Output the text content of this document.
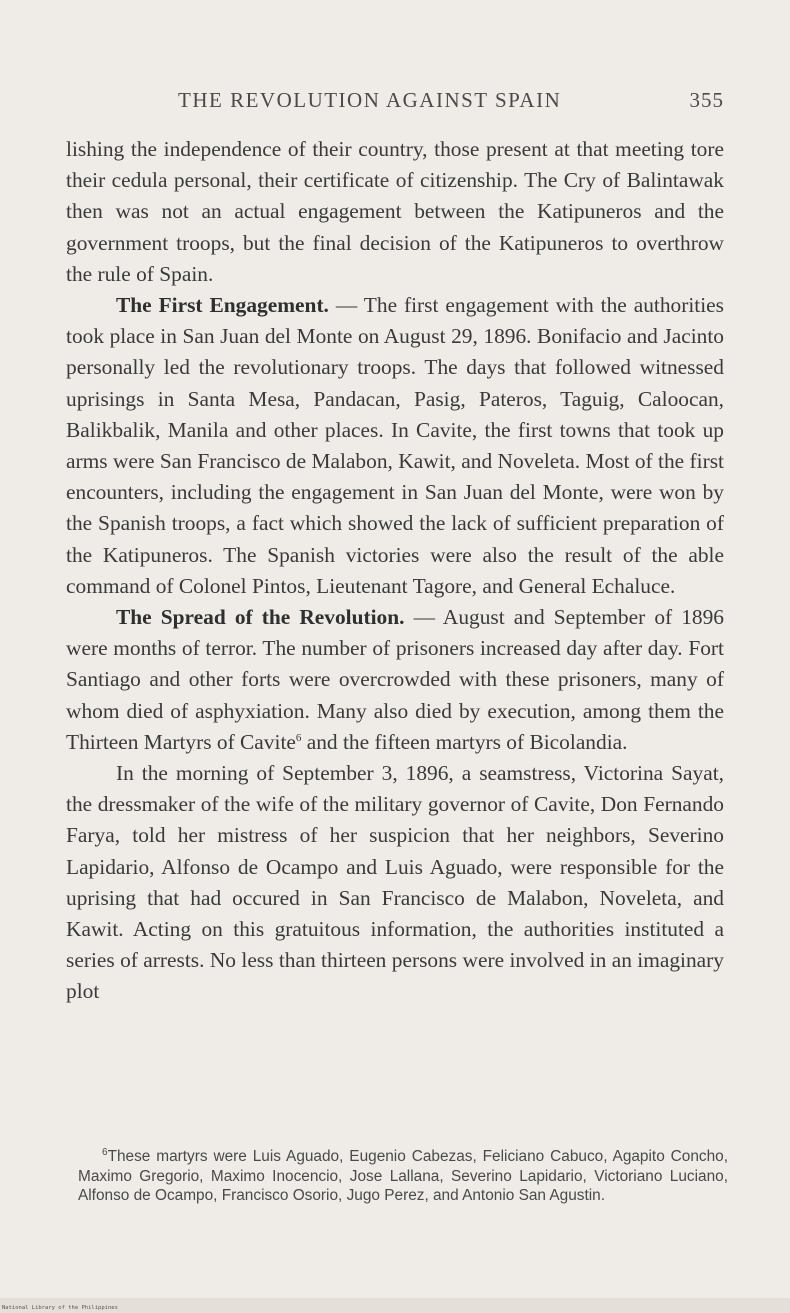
THE REVOLUTION AGAINST SPAIN	355

lishing the independence of their country, those present at that meeting tore their cedula personal, their certificate of citizenship. The Cry of Balintawak then was not an actual engagement between the Katipuneros and the government troops, but the final decision of the Katipuneros to overthrow the rule of Spain.

The First Engagement. — The first engagement with the authorities took place in San Juan del Monte on August 29, 1896. Bonifacio and Jacinto personally led the revolutionary troops. The days that followed witnessed uprisings in Santa Mesa, Pandacan, Pasig, Pateros, Taguig, Caloocan, Balikbalik, Manila and other places. In Cavite, the first towns that took up arms were San Francisco de Malabon, Kawit, and Noveleta. Most of the first encounters, including the engagement in San Juan del Monte, were won by the Spanish troops, a fact which showed the lack of sufficient preparation of the Katipuneros. The Spanish victories were also the result of the able command of Colonel Pintos, Lieutenant Tagore, and General Echaluce.

The Spread of the Revolution. — August and September of 1896 were months of terror. The number of prisoners increased day after day. Fort Santiago and other forts were overcrowded with these prisoners, many of whom died of asphyxiation. Many also died by execution, among them the Thirteen Martyrs of Cavite$^6$ and the fifteen martyrs of Bicolandia.

In the morning of September 3, 1896, a seamstress, Victorina Sayat, the dressmaker of the wife of the military governor of Cavite, Don Fernando Farya, told her mistress of her suspicion that her neighbors, Severino Lapidario, Alfonso de Ocampo and Luis Aguado, were responsible for the uprising that had occured in San Francisco de Malabon, Noveleta, and Kawit. Acting on this gratuitous information, the authorities instituted a series of arrests. No less than thirteen persons were involved in an imaginary plot

$^6$These martyrs were Luis Aguado, Eugenio Cabezas, Feliciano Cabuco, Agapito Concho, Maximo Gregorio, Maximo Inocencio, Jose Lallana, Severino Lapidario, Victoriano Luciano, Alfonso de Ocampo, Francisco Osorio, Jugo Perez, and Antonio San Agustin.

National Library of the Philippines
